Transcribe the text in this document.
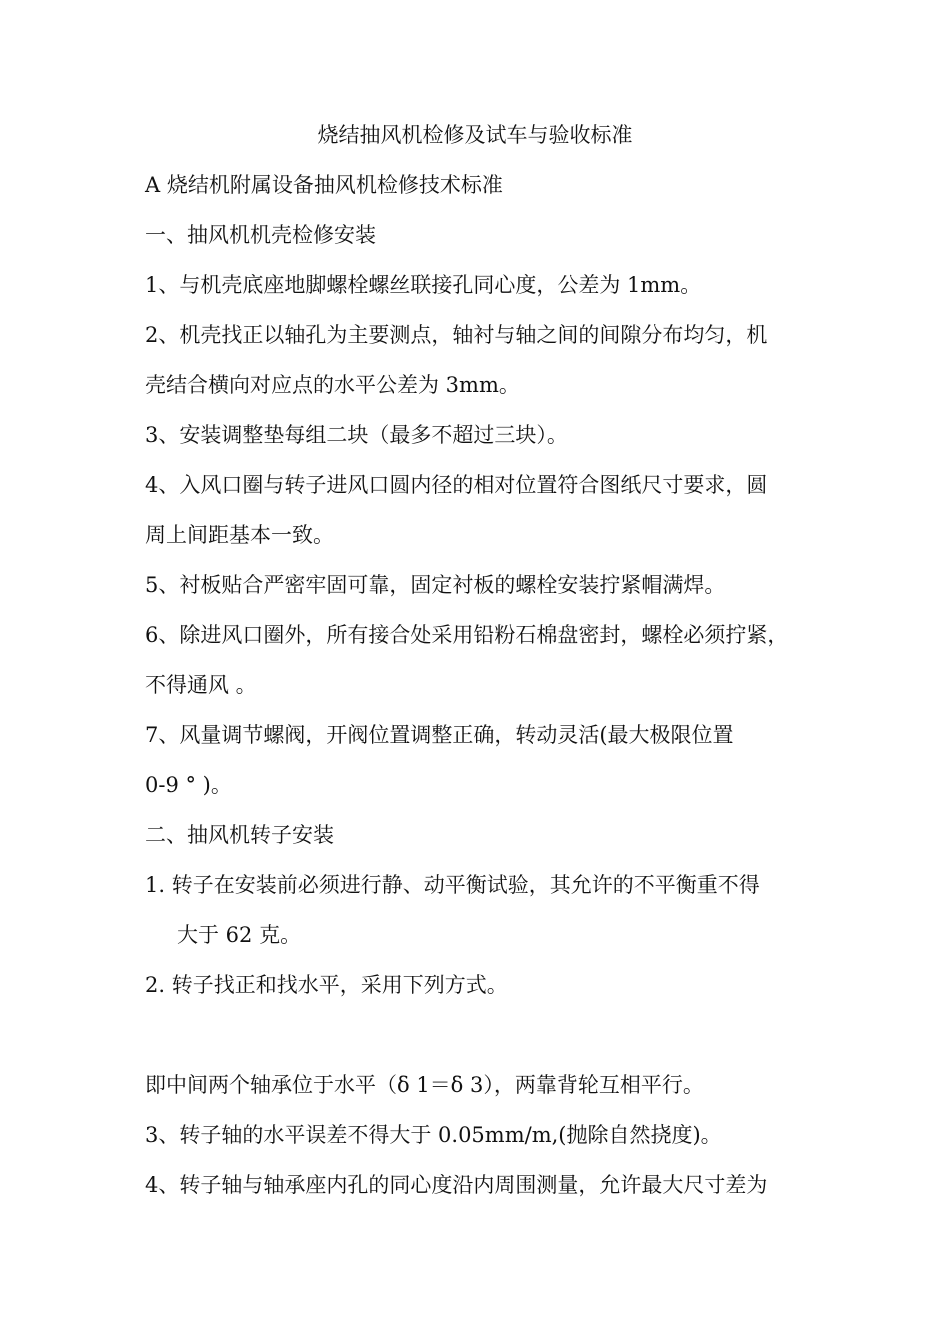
烧结抽风机检修及试车与验收标准
A 烧结机附属设备抽风机检修技术标准
一、抽风机机壳检修安装
1、与机壳底座地脚螺栓螺丝联接孔同心度，公差为 1mm。
2、机壳找正以轴孔为主要测点，轴衬与轴之间的间隙分布均匀，机
壳结合横向对应点的水平公差为 3mm。
3、安装调整垫每组二块（最多不超过三块）。
4、入风口圈与转子进风口圆内径的相对位置符合图纸尺寸要求，圆
周上间距基本一致。
5、衬板贴合严密牢固可靠，固定衬板的螺栓安装拧紧帽满焊。
6、除进风口圈外，所有接合处采用铅粉石棉盘密封，螺栓必须拧紧，
不得通风 。
7、风量调节螺阀，开阀位置调整正确，转动灵活(最大极限位置
0-9 ° )。
二、抽风机转子安装
1. 转子在安装前必须进行静、动平衡试验，其允许的不平衡重不得
大于 62 克。
2. 转子找正和找水平，采用下列方式。
即中间两个轴承位于水平（δ 1＝δ 3），两靠背轮互相平行。
3、转子轴的水平误差不得大于 0.05mm/m,(抛除自然挠度)。
4、转子轴与轴承座内孔的同心度沿内周围测量，允许最大尺寸差为
